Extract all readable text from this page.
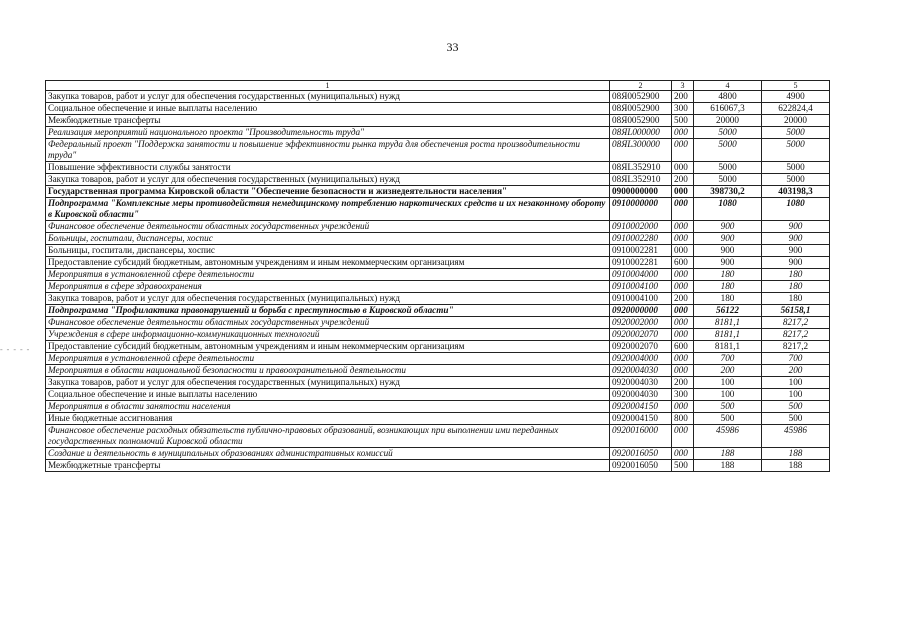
33
- - - - -
1	2	3	4	5
Закупка товаров, работ и услуг для обеспечения государственных (муниципальных) нужд	08Я0052900	200	4800	4900
Социальное обеспечение и иные выплаты населению	08Я0052900	300	616067,3	622824,4
Межбюджетные трансферты	08Я0052900	500	20000	20000
Реализация мероприятий национального проекта "Производительность труда"	08ЯL000000	000	5000	5000
Федеральный проект "Поддержка занятости и повышение эффективности рынка труда для обеспечения роста производительности труда"	08ЯL300000	000	5000	5000
Повышение эффективности службы занятости	08ЯL352910	000	5000	5000
Закупка товаров, работ и услуг для обеспечения государственных (муниципальных) нужд	08ЯL352910	200	5000	5000
Государственная программа Кировской области "Обеспечение безопасности и жизнедеятельности населения"	0900000000	000	398730,2	403198,3
Подпрограмма "Комплексные меры противодействия немедицинскому потреблению наркотических средств и их незаконному обороту в Кировской области"	0910000000	000	1080	1080
Финансовое обеспечение деятельности областных государственных учреждений	0910002000	000	900	900
Больницы, госпитали, диспансеры, хоспис	0910002280	000	900	900
Больницы, госпитали, диспансеры, хоспис	0910002281	000	900	900
Предоставление субсидий бюджетным, автономным учреждениям и иным некоммерческим организациям	0910002281	600	900	900
Мероприятия в установленной сфере деятельности	0910004000	000	180	180
Мероприятия в сфере здравоохранения	0910004100	000	180	180
Закупка товаров, работ и услуг для обеспечения государственных (муниципальных) нужд	0910004100	200	180	180
Подпрограмма "Профилактика правонарушений и борьба с преступностью в Кировской области"	0920000000	000	56122	56158,1
Финансовое обеспечение деятельности областных государственных учреждений	0920002000	000	8181,1	8217,2
Учреждения в сфере информационно-коммуникационных технологий	0920002070	000	8181,1	8217,2
Предоставление субсидий бюджетным, автономным учреждениям и иным некоммерческим организациям	0920002070	600	8181,1	8217,2
Мероприятия в установленной сфере деятельности	0920004000	000	700	700
Мероприятия в области национальной безопасности и правоохранительной деятельности	0920004030	000	200	200
Закупка товаров, работ и услуг для обеспечения государственных (муниципальных) нужд	0920004030	200	100	100
Социальное обеспечение и иные выплаты населению	0920004030	300	100	100
Мероприятия в области занятости населения	0920004150	000	500	500
Иные бюджетные ассигнования	0920004150	800	500	500
Финансовое обеспечение расходных обязательств публично-правовых образований, возникающих при выполнении ими переданных государственных полномочий Кировской области	0920016000	000	45986	45986
Создание и деятельность в муниципальных образованиях административных комиссий	0920016050	000	188	188
Межбюджетные трансферты	0920016050	500	188	188
